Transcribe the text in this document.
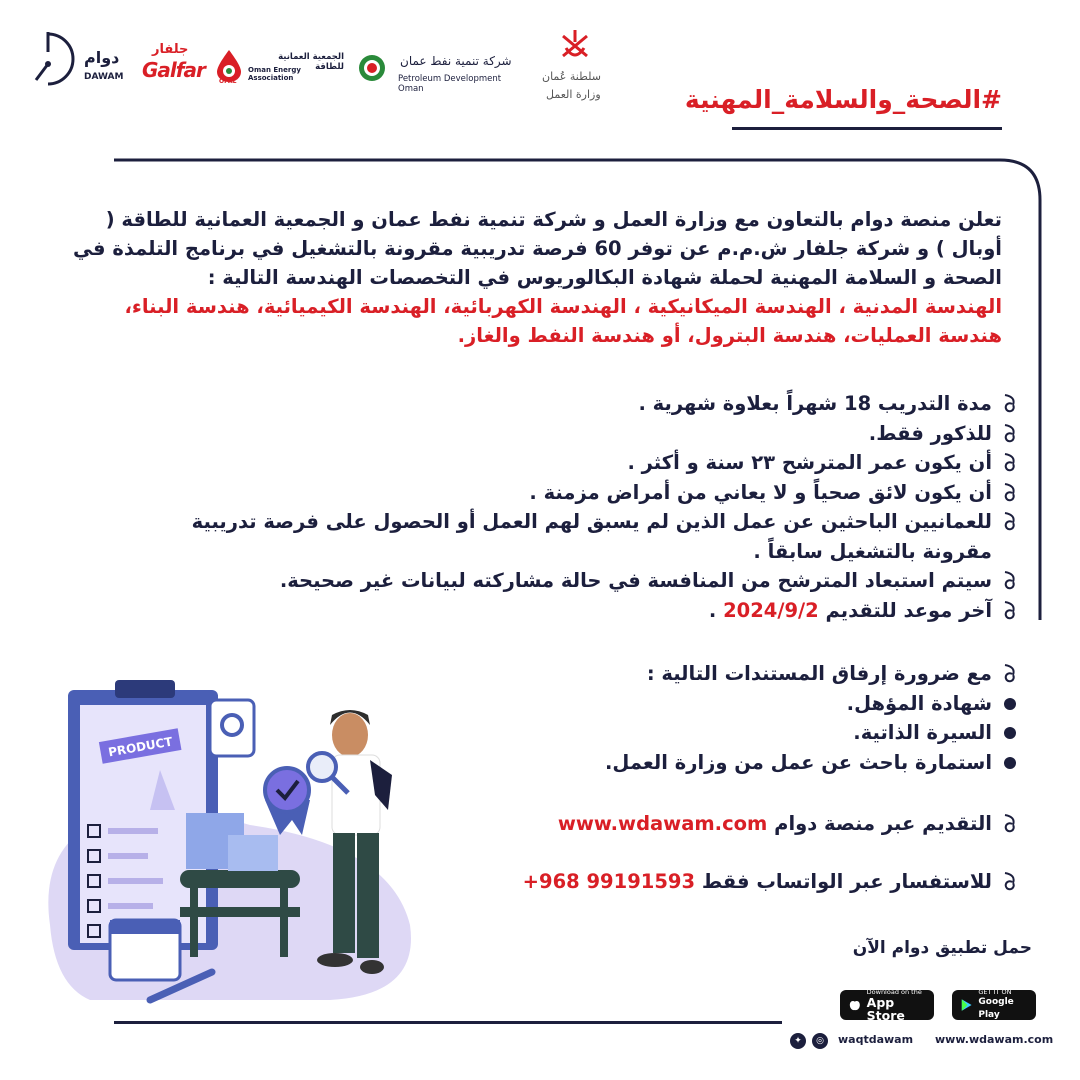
دوام
DAWAM
جلفار
Galfar OPAL
الجمعية العمانية للطاقة
Oman Energy Association
شركة تنمية نفط عمان
Petroleum Development Oman
سلطنة عُمان
وزارة العمل	#الصحة_والسلامة_المهنية
تعلن منصة دوام بالتعاون مع وزارة العمل و شركة تنمية نفط عمان و الجمعية العمانية للطاقة ( أوبال ) و شركة جلفار ش.م.م عن توفر 60 فرصة تدريبية مقرونة بالتشغيل في برنامج التلمذة في الصحة و السلامة المهنية لحملة شهادة البكالوريوس في التخصصات الهندسة التالية :
الهندسة المدنية ، الهندسة الميكانيكية ، الهندسة الكهربائية، الهندسة الكيميائية، هندسة البناء، هندسة العمليات، هندسة البترول، أو هندسة النفط والغاز.
مدة التدريب 18 شهراً بعلاوة شهرية .
للذكور فقط.
أن يكون عمر المترشح ٢٣ سنة و أكثر .
أن يكون لائق صحياً و لا يعاني من أمراض مزمنة .
للعمانيين الباحثين عن عمل الذين لم يسبق لهم العمل أو الحصول على فرصة تدريبية مقرونة بالتشغيل سابقاً .
سيتم استبعاد المترشح من المنافسة في حالة مشاركته لبيانات غير صحيحة.
آخر موعد للتقديم 2024/9/2 .
مع ضرورة إرفاق المستندات التالية :
شهادة المؤهل.
السيرة الذاتية.
استمارة باحث عن عمل من وزارة العمل.
التقديم عبر منصة دوام www.wdawam.com
للاستفسار عبر الواتساب فقط +968 99191593
PRODUCT
حمل تطبيق دوام الآن
GET IT ON
Google Play
Download on the
App Store
✦	◎	waqtdawam www.wdawam.com
